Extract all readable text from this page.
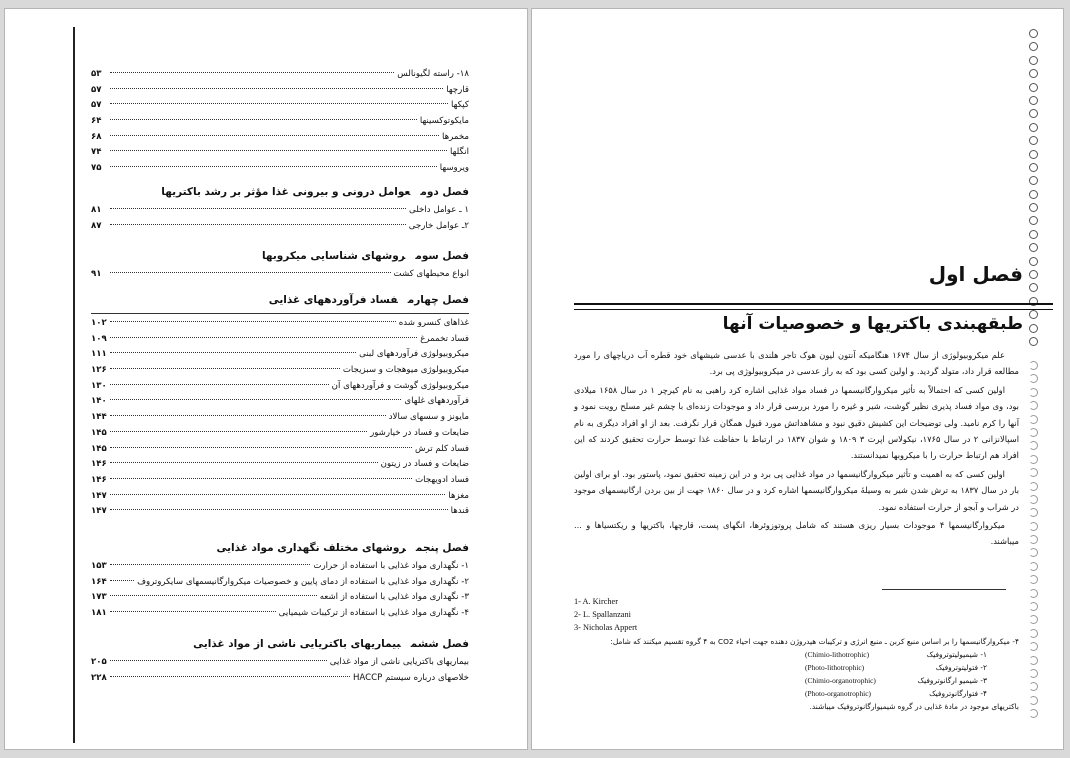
۱۸- راسته لگیونالس
۵۳
قارچها
۵۷
کپکها
۵۷
مایکوتوکسینها
۶۴
مخمرها
۶۸
انگلها
۷۴
ویروسها
۷۵
فصل دومعوامل درونی و بیرونی غذا مؤثر بر رشد باکتریها
۱ ـ عوامل داخلی
۸۱
۲ـ عوامل خارجی
۸۷
فصل سومروشهای شناسایی میکروبها
انواع محیطهای کشت
۹۱
فصل چهارمفساد فرآوردههای غذایی
غذاهای کنسرو شده
۱۰۲
فساد تخممرغ
۱۰۹
میکروبیولوژی فرآوردههای لبنی
۱۱۱
میکروبیولوژی میوهجات و سبزیجات
۱۲۶
میکروبیولوژی گوشت و فرآوردههای آن
۱۳۰
فرآوردههای غلهای
۱۴۰
مایونز و سسهای سالاد
۱۴۴
ضایعات و فساد در خیارشور
۱۴۵
فساد کلم ترش
۱۴۵
ضایعات و فساد در زیتون
۱۴۶
فساد ادویهجات
۱۴۶
مغزها
۱۴۷
قندها
۱۴۷
فصل پنجمروشهای مختلف نگهداری مواد غذایی
۱- نگهداری مواد غذایی با استفاده از حرارت
۱۵۳
۲- نگهداری مواد غذایی با استفاده از دمای پایین و خصوصیات میکروارگانیسمهای سایکروتروف
۱۶۴
۳- نگهداری مواد غذایی با استفاده از اشعه
۱۷۳
۴- نگهداری مواد غذایی با استفاده از ترکیبات شیمیایی
۱۸۱
فصل ششمبیماریهای باکتریایی ناشی از مواد غذایی
بیماریهای باکتریایی ناشی از مواد غذایی
۲۰۵
خلاصهای درباره سیستم HACCP
۲۲۸
فصل اول
طبقهبندی باکتریها و خصوصیات آنها

علم میکروبیولوژی از سال ۱۶۷۴ هنگامیکه آنتون لیون هوک تاجر هلندی با عدسی شیشهای خود قطره آب دریاچهای را مورد مطالعه قرار داد، متولد گردید. و اولین کسی بود که به راز عدسی در میکروبیولوژی پی برد.

اولین کسی که احتمالاً به تأثیر میکروارگانیسمها در فساد مواد غذایی اشاره کرد راهبی به نام کیرچر ۱ در سال ۱۶۵۸ میلادی بود، وی مواد فساد پذیری نظیر گوشت، شیر و غیره را مورد بررسی قرار داد و موجودات زنده‌ای با چشم غیر مسلح رویت نمود و آنها را کرم نامید. ولی توضیحات این کشیش دقیق نبود و مشاهداتش مورد قبول همگان قرار نگرفت. بعد از او افراد دیگری به نام اسپالانزانی ۲ در سال ۱۷۶۵، نیکولاس اپرت ۳ ۱۸۰۹ و شوان ۱۸۳۷ در ارتباط با حفاظت غذا توسط حرارت تحقیق کردند که این افراد هم ارتباط حرارت را با میکروبها نمیدانستند.

اولین کسی که به اهمیت و تأثیر میکروارگانیسمها در مواد غذایی پی برد و در این زمینه تحقیق نمود، پاستور بود. او برای اولین بار در سال ۱۸۳۷ به ترش شدن شیر به وسیلهٔ میکروارگانیسمها اشاره کرد و در سال ۱۸۶۰ جهت از بین بردن ارگانیسمهای موجود در شراب و آبجو از حرارت استفاده نمود.

میکروارگانیسمها ۴ موجودات بسیار ریزی هستند که شامل پروتوزوئرها، انگهای پست، قارچها، باکتریها و ریکتسیاها و ... میباشند.

1- A. Kircher
2- L. Spallanzani
3- Nicholas Appert
۴- میکروارگانیسمها را بر اساس منبع کربن ـ منبع انرژی و ترکیبات هیدروژن دهنده جهت احیاء CO2 به ۴ گروه تقسیم میکنند که شامل:
۱- شیمیولیتوتروفیک
(Chimio-lithotrophic)
۲- فتولیتوتروفیک
(Photo-lithotrophic)
۳- شیمیو ارگانوتروفیک
(Chimio-organotrophic)
۴- فتوارگانوتروفیک
(Photo-organotrophic)
باکتریهای موجود در مادهٔ غذایی در گروه شیمیوارگانوتروفیک میباشند.
